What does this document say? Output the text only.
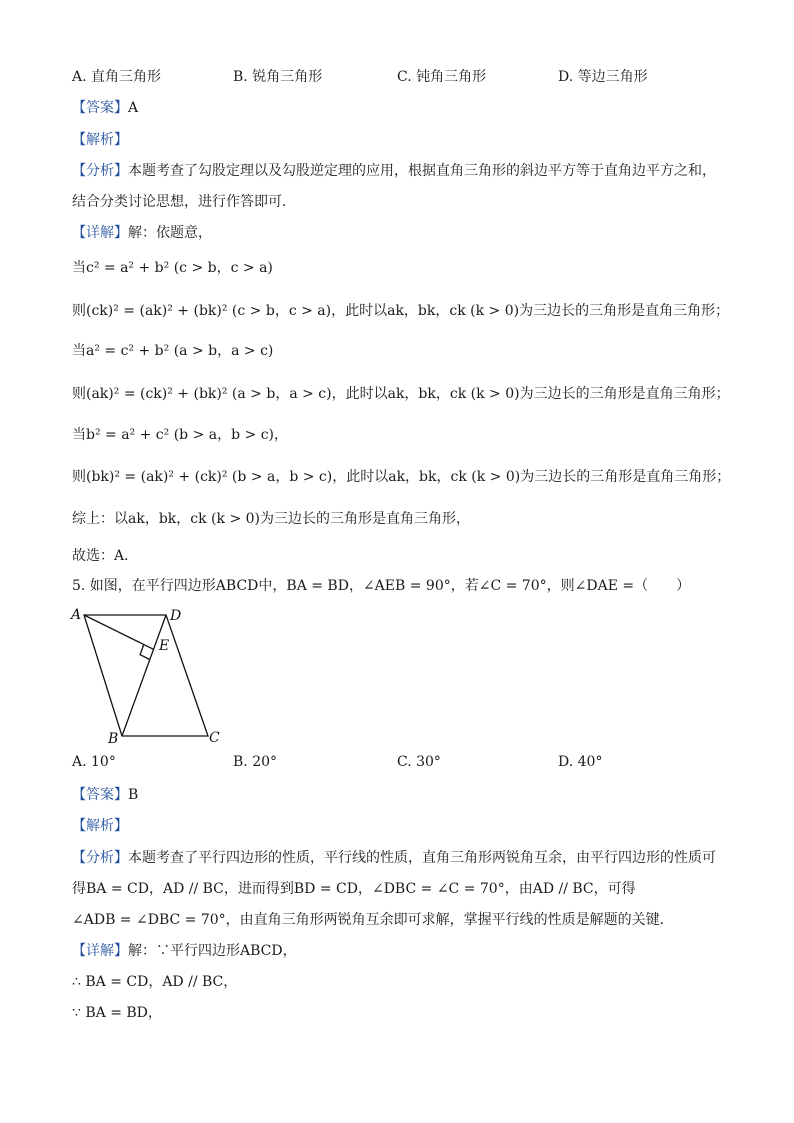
A. 直角三角形	B. 锐角三角形	C. 钝角三角形	D. 等边三角形
【答案】A
【解析】
【分析】本题考查了勾股定理以及勾股逆定理的应用，根据直角三角形的斜边平方等于直角边平方之和，
结合分类讨论思想，进行作答即可．
【详解】解：依题意，
当c² = a² + b² (c > b，c > a)
则(ck)² = (ak)² + (bk)² (c > b，c > a)，此时以ak，bk，ck (k > 0)为三边长的三角形是直角三角形；
当a² = c² + b² (a > b，a > c)
则(ak)² = (ck)² + (bk)² (a > b，a > c)，此时以ak，bk，ck (k > 0)为三边长的三角形是直角三角形；
当b² = a² + c² (b > a，b > c)，
则(bk)² = (ak)² + (ck)² (b > a，b > c)，此时以ak，bk，ck (k > 0)为三边长的三角形是直角三角形；
综上：以ak，bk，ck (k > 0)为三边长的三角形是直角三角形，
故选：A．
5. 如图，在平行四边形ABCD中，BA = BD，∠AEB = 90°，若∠C = 70°，则∠DAE =（　　）
A	D
E
B	C
A. 10°	B. 20°	C. 30°	D. 40°
【答案】B
【解析】
【分析】本题考查了平行四边形的性质，平行线的性质，直角三角形两锐角互余，由平行四边形的性质可
得BA = CD，AD // BC，进而得到BD = CD，∠DBC = ∠C = 70°，由AD // BC，可得
∠ADB = ∠DBC = 70°，由直角三角形两锐角互余即可求解，掌握平行线的性质是解题的关键．
【详解】解：∵平行四边形ABCD，
∴ BA = CD，AD // BC，
∵ BA = BD，
